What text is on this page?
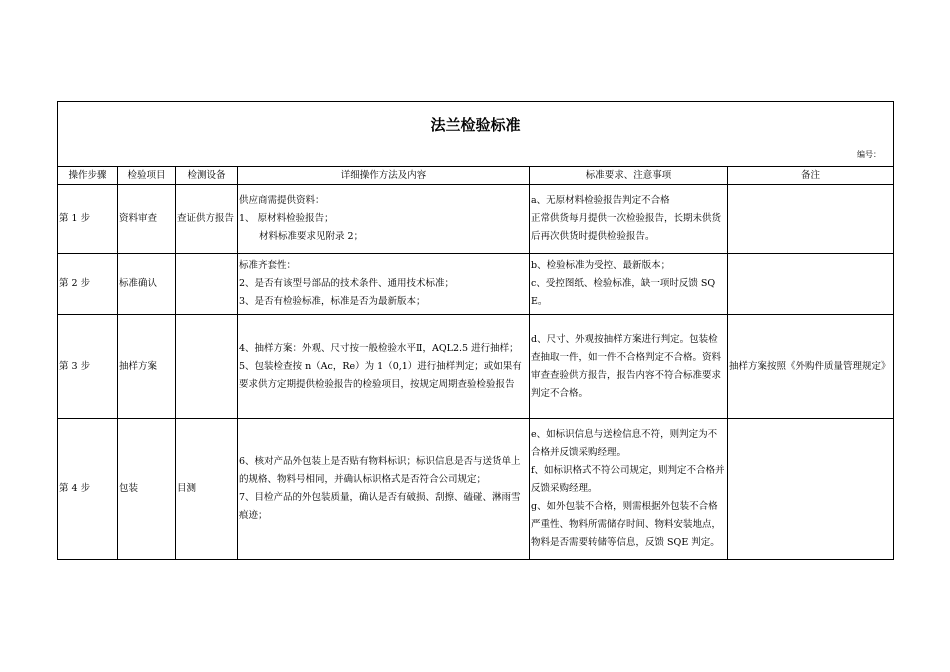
法兰检验标准					
编号：					
操作步骤	检验项目	检测设备	详细操作方法及内容	标准要求、注意事项	备注
第 1 步	资料审查	查证供方报告	供应商需提供资料：
1、 原材料检验报告；
材料标准要求见附录 2；	a、无原材料检验报告判定不合格
正常供货每月提供一次检验报告，长期未供货后再次供货时提供检验报告。	

第 2 步	标准确认		标准齐套性：
2、是否有该型号部品的技术条件、通用技术标准；
3、是否有检验标准，标准是否为最新版本；	b、检验标准为受控、最新版本；
c、受控图纸、检验标准，缺一项时反馈 SQE。	

第 3 步	抽样方案		4、抽样方案：外观、尺寸按一般检验水平Ⅱ，AQL2.5 进行抽样；
5、包装检查按 n（Ac，Re）为 1（0,1）进行抽样判定；或如果有要求供方定期提供检验报告的检验项目，按规定周期查验检验报告	d、尺寸、外观按抽样方案进行判定。包装检查抽取一件，如一件不合格判定不合格。资料审查查验供方报告，报告内容不符合标准要求判定不合格。	抽样方案按照《外购件质量管理规定》
第 4 步	包装	目测	6、核对产品外包装上是否贴有物料标识；标识信息是否与送货单上的规格、物料号相同，并确认标识格式是否符合公司规定；
7、目检产品的外包装质量，确认是否有破损、刮擦、磕碰、淋雨雪痕迹；	e、如标识信息与送检信息不符，则判定为不合格并反馈采购经理。
f、如标识格式不符公司规定，则判定不合格并反馈采购经理。
g、如外包装不合格，则需根据外包装不合格严重性、物料所需储存时间、物料安装地点，物料是否需要转储等信息，反馈 SQE 判定。	
